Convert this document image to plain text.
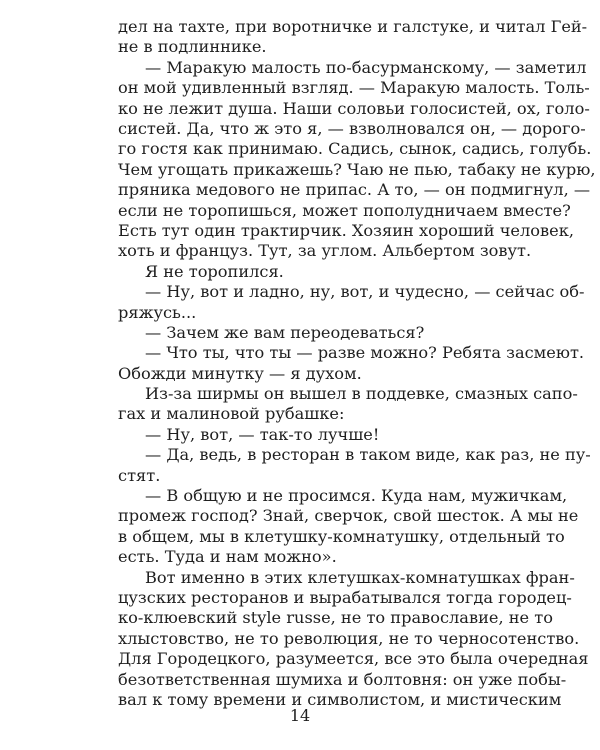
дел на тахте, при воротничке и галстуке, и читал Гей-
не в подлиннике.
— Маракую малость по-басурманскому, — заметил
он мой удивленный взгляд. — Маракую малость. Толь-
ко не лежит душа. Наши соловьи голосистей, ох, голо-
систей. Да, что ж это я, — взволновался он, — дорого-
го гостя как принимаю. Садись, сынок, садись, голубь.
Чем угощать прикажешь? Чаю не пью, табаку не курю,
пряника медового не припас. А то, — он подмигнул, —
если не торопишься, может пополудничаем вместе?
Есть тут один трактирчик. Хозяин хороший человек,
хоть и француз. Тут, за углом. Альбертом зовут.
Я не торопился.
— Ну, вот и ладно, ну, вот, и чудесно, — сейчас об-
ряжусь...
— Зачем же вам переодеваться?
— Что ты, что ты — разве можно? Ребята засмеют.
Обожди минутку — я духом.
Из-за ширмы он вышел в поддевке, смазных сапо-
гах и малиновой рубашке:
— Ну, вот, — так-то лучше!
— Да, ведь, в ресторан в таком виде, как раз, не пу-
стят.
— В общую и не просимся. Куда нам, мужичкам,
промеж господ? Знай, сверчок, свой шесток. А мы не
в общем, мы в клетушку-комнатушку, отдельный то
есть. Туда и нам можно».
Вот именно в этих клетушках-комнатушках фран-
цузских ресторанов и вырабатывался тогда городец-
ко-клюевский style russe, не то православие, не то
хлыстовство, не то революция, не то черносотенство.
Для Городецкого, разумеется, все это была очередная
безответственная шумиха и болтовня: он уже побы-
вал к тому времени и символистом, и мистическим
14
